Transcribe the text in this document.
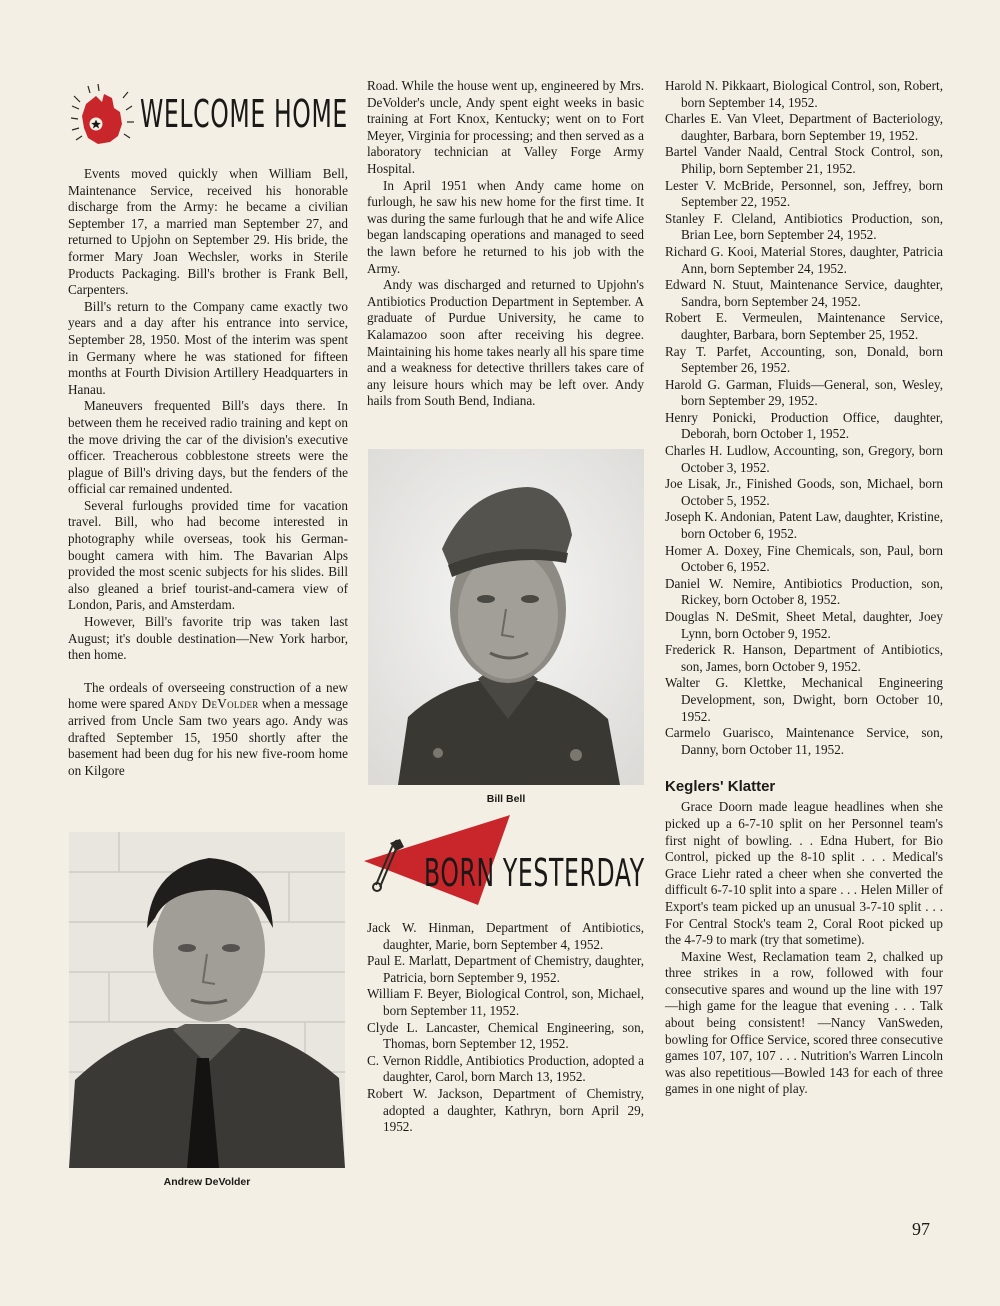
WELCOME HOME

Events moved quickly when William Bell, Maintenance Service, received his honorable discharge from the Army: he became a civilian September 17, a married man September 27, and returned to Upjohn on September 29. His bride, the former Mary Joan Wechsler, works in Sterile Products Packaging. Bill's brother is Frank Bell, Carpenters.

Bill's return to the Company came exactly two years and a day after his entrance into service, September 28, 1950. Most of the interim was spent in Germany where he was stationed for fifteen months at Fourth Division Artillery Headquarters in Hanau.

Maneuvers frequented Bill's days there. In between them he received radio training and kept on the move driving the car of the division's executive officer. Treacherous cobblestone streets were the plague of Bill's driving days, but the fenders of the official car remained undented.

Several furloughs provided time for vacation travel. Bill, who had become interested in photography while overseas, took his German-bought camera with him. The Bavarian Alps provided the most scenic subjects for his slides. Bill also gleaned a brief tourist-and-camera view of London, Paris, and Amsterdam.

However, Bill's favorite trip was taken last August; it's double destination—New York harbor, then home.

The ordeals of overseeing construction of a new home were spared Andy DeVolder when a message arrived from Uncle Sam two years ago. Andy was drafted September 15, 1950 shortly after the basement had been dug for his new five-room home on Kilgore

Road. While the house went up, engineered by Mrs. DeVolder's uncle, Andy spent eight weeks in basic training at Fort Knox, Kentucky; went on to Fort Meyer, Virginia for processing; and then served as a laboratory technician at Valley Forge Army Hospital.

In April 1951 when Andy came home on furlough, he saw his new home for the first time. It was during the same furlough that he and wife Alice began landscaping operations and managed to seed the lawn before he returned to his job with the Army.

Andy was discharged and returned to Upjohn's Antibiotics Production Department in September. A graduate of Purdue University, he came to Kalamazoo soon after receiving his degree. Maintaining his home takes nearly all his spare time and a weakness for detective thrillers takes care of any leisure hours which may be left over. Andy hails from South Bend, Indiana.

Bill Bell
Andrew DeVolder
BORN YESTERDAY

Jack W. Hinman, Department of Antibiotics, daughter, Marie, born September 4, 1952.

Paul E. Marlatt, Department of Chemistry, daughter, Patricia, born September 9, 1952.

William F. Beyer, Biological Control, son, Michael, born September 11, 1952.

Clyde L. Lancaster, Chemical Engineering, son, Thomas, born September 12, 1952.

C. Vernon Riddle, Antibiotics Production, adopted a daughter, Carol, born March 13, 1952.

Robert W. Jackson, Department of Chemistry, adopted a daughter, Kathryn, born April 29, 1952.

Harold N. Pikkaart, Biological Control, son, Robert, born September 14, 1952.

Charles E. Van Vleet, Department of Bacteriology, daughter, Barbara, born September 19, 1952.

Bartel Vander Naald, Central Stock Control, son, Philip, born September 21, 1952.

Lester V. McBride, Personnel, son, Jeffrey, born September 22, 1952.

Stanley F. Cleland, Antibiotics Production, son, Brian Lee, born September 24, 1952.

Richard G. Kooi, Material Stores, daughter, Patricia Ann, born September 24, 1952.

Edward N. Stuut, Maintenance Service, daughter, Sandra, born September 24, 1952.

Robert E. Vermeulen, Maintenance Service, daughter, Barbara, born September 25, 1952.

Ray T. Parfet, Accounting, son, Donald, born September 26, 1952.

Harold G. Garman, Fluids—General, son, Wesley, born September 29, 1952.

Henry Ponicki, Production Office, daughter, Deborah, born October 1, 1952.

Charles H. Ludlow, Accounting, son, Gregory, born October 3, 1952.

Joe Lisak, Jr., Finished Goods, son, Michael, born October 5, 1952.

Joseph K. Andonian, Patent Law, daughter, Kristine, born October 6, 1952.

Homer A. Doxey, Fine Chemicals, son, Paul, born October 6, 1952.

Daniel W. Nemire, Antibiotics Production, son, Rickey, born October 8, 1952.

Douglas N. DeSmit, Sheet Metal, daughter, Joey Lynn, born October 9, 1952.

Frederick R. Hanson, Department of Antibiotics, son, James, born October 9, 1952.

Walter G. Klettke, Mechanical Engineering Development, son, Dwight, born October 10, 1952.

Carmelo Guarisco, Maintenance Service, son, Danny, born October 11, 1952.

Keglers' Klatter

Grace Doorn made league headlines when she picked up a 6-7-10 split on her Personnel team's first night of bowling. . . Edna Hubert, for Bio Control, picked up the 8-10 split . . . Medical's Grace Liehr rated a cheer when she converted the difficult 6-7-10 split into a spare . . . Helen Miller of Export's team picked up an unusual 3-7-10 split . . . For Central Stock's team 2, Coral Root picked up the 4-7-9 to mark (try that sometime).

Maxine West, Reclamation team 2, chalked up three strikes in a row, followed with four consecutive spares and wound up the line with 197—high game for the league that evening . . . Talk about being consistent! —Nancy VanSweden, bowling for Office Service, scored three consecutive games 107, 107, 107 . . . Nutrition's Warren Lincoln was also repetitious—Bowled 143 for each of three games in one night of play.

97
